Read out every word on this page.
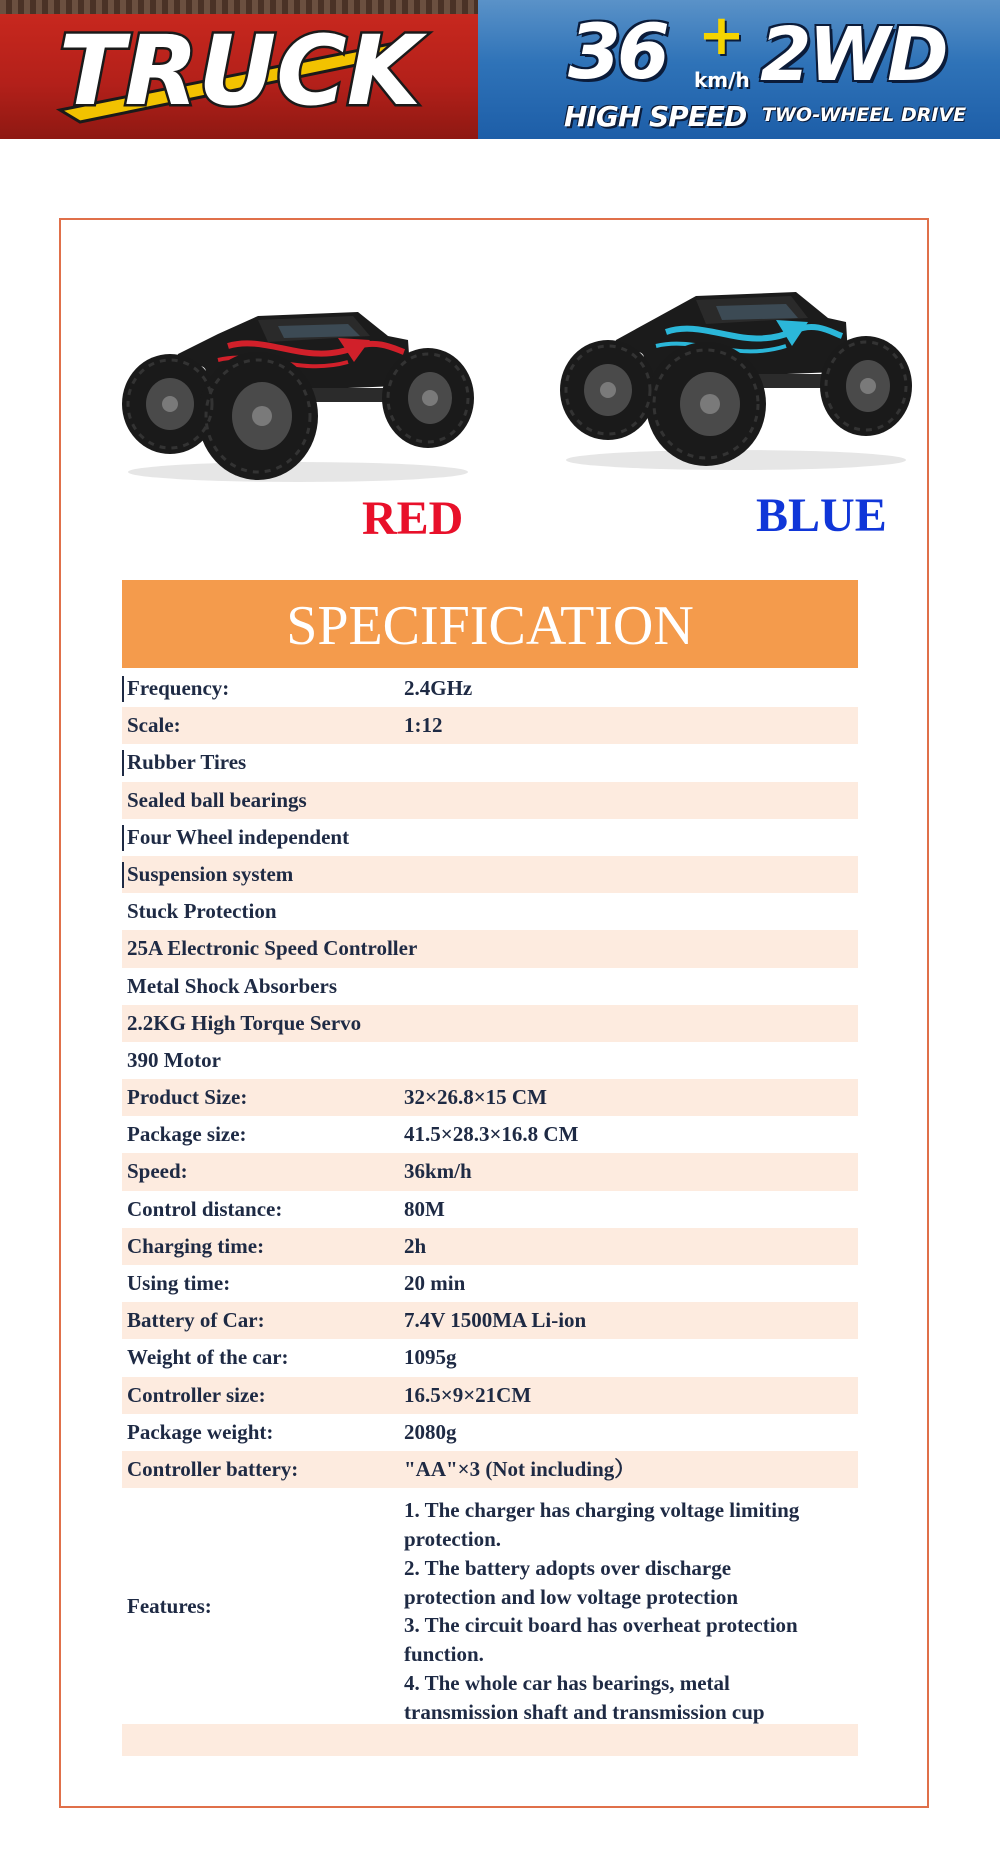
TRUCK 36 +
km/h
HIGH SPEED
2WD
TWO-WHEEL DRIVE
RED	BLUE
SPECIFICATION
Frequency:	2.4GHz
Scale:	1:12
Rubber Tires
Sealed ball bearings
Four Wheel independent
Suspension system
Stuck Protection
25A Electronic Speed Controller
Metal Shock Absorbers
2.2KG High Torque Servo
390 Motor
Product Size:	32×26.8×15 CM
Package size:	41.5×28.3×16.8 CM
Speed:	36km/h
Control distance:	80M
Charging time:	2h
Using time:	20 min
Battery of Car:	7.4V 1500MA Li-ion
Weight of the car:	1095g
Controller size:	16.5×9×21CM
Package weight:	2080g
Controller battery:	"AA"×3 (Not including）
Features:
1. The charger has charging voltage limiting
protection.
2. The battery adopts over discharge
protection and low voltage protection
3. The circuit board has overheat protection
function.
4. The whole car has bearings, metal
transmission shaft and transmission cup
